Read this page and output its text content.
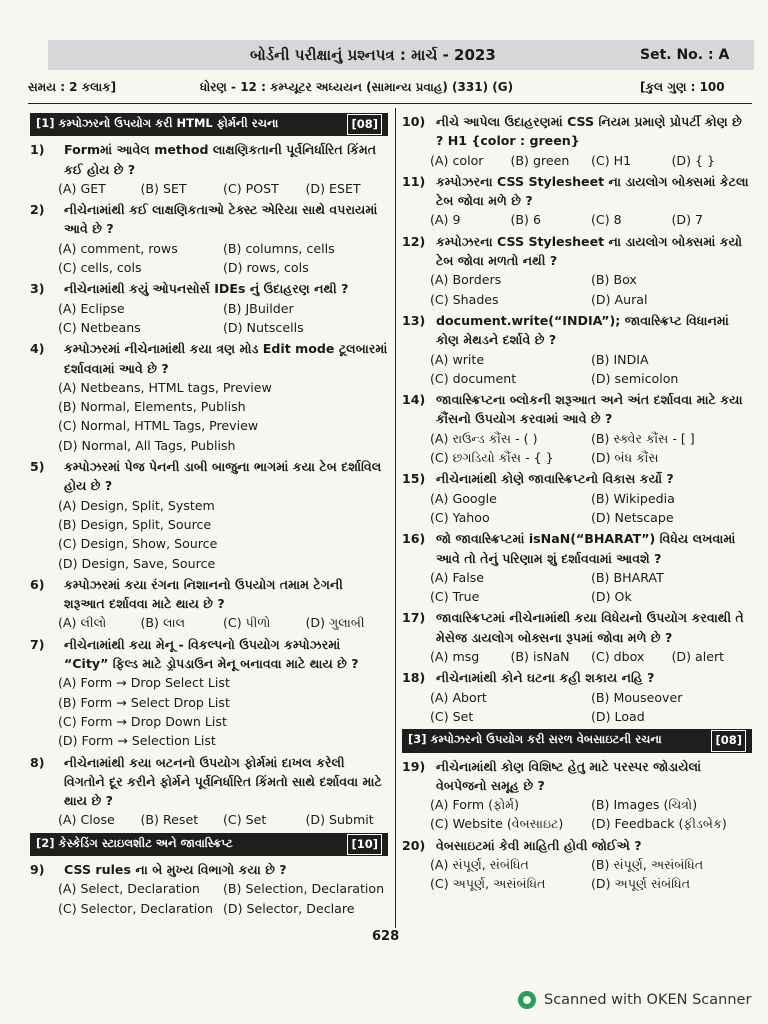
બોર્ડની પરીક્ષાનું પ્રશ્નપત્ર : માર્ચ - 2023	Set. No. : A
સમય : 2 કલાક]	ધોરણ - 12 : કમ્પ્યૂટર અધ્યયન (સામાન્ય પ્રવાહ) (331) (G)	[કુલ ગુણ : 100
[1] કમ્પોઝરનો ઉપયોગ કરી HTML ફોર્મની રચના	[08]
1) Formમાં આવેલ method લાક્ષણિકતાની પૂર્વનિર્ધારિત કિંમત કઈ હોય છે ?
(A) GET	(B) SET	(C) POST	(D) ESET
2) નીચેનામાંથી કઈ લાક્ષણિકતાઓ ટેક્સ્ટ એરિયા સાથે વપરાયમાં આવે છે ?
(A) comment, rows	(B) columns, cells
(C) cells, cols	(D) rows, cols
3) નીચેનામાંથી કયું ઓપનસોર્સ IDEs નું ઉદાહરણ નથી ?
(A) Eclipse	(B) JBuilder
(C) Netbeans	(D) Nutscells
4) કમ્પોઝરમાં નીચેનામાંથી કયા ત્રણ મોડ Edit mode ટૂલબારમાં દર્શાવવામાં આવે છે ?
(A) Netbeans, HTML tags, Preview
(B) Normal, Elements, Publish
(C) Normal, HTML Tags, Preview
(D) Normal, All Tags, Publish
5) કમ્પોઝરમાં પેજ પેનની ડાબી બાજુના ભાગમાં કયા ટેબ દર્શાવિલ હોય છે ?
(A) Design, Split, System
(B) Design, Split, Source
(C) Design, Show, Source
(D) Design, Save, Source
6) કમ્પોઝરમાં કયા રંગના નિશાનનો ઉપયોગ તમામ ટેગની શરૂઆત દર્શાવવા માટે થાય છે ?
(A) લીલો	(B) લાલ	(C) પીળો	(D) ગુલાબી
7) નીચેનામાંથી કયા મેનૂ - વિકલ્પનો ઉપયોગ કમ્પોઝરમાં “City” ફિલ્ડ માટે ડ્રોપડાઉન મેનૂ બનાવવા માટે થાય છે ?
(A) Form → Drop Select List
(B) Form → Select Drop List
(C) Form → Drop Down List
(D) Form → Selection List
8) નીચેનામાંથી કયા બટનનો ઉપયોગ ફોર્મમાં દાખલ કરેલી વિગતોને દૂર કરીને ફોર્મને પૂર્વનિર્ધારિત કિંમતો સાથે દર્શાવવા માટે થાય છે ?
(A) Close	(B) Reset	(C) Set	(D) Submit
[2] કેસ્કેડિંગ સ્ટાઇલશીટ અને જાવાસ્ક્રિપ્ટ	[10]
9) CSS rules ના બે મુખ્ય વિભાગો કયા છે ?
(A) Select, Declaration	(B) Selection, Declaration
(C) Selector, Declaration (D) Selector, Declare
10) નીચે આપેલા ઉદાહરણમાં CSS નિયમ પ્રમાણે પ્રોપર્ટી કોણ છે ? H1 {color : green}
(A) color	(B) green	(C) H1	(D) { }
11) કમ્પોઝરના CSS Stylesheet ના ડાયલોગ બોક્સમાં કેટલા ટેબ જોવા મળે છે ?
(A) 9	(B) 6	(C) 8	(D) 7
12) કમ્પોઝરના CSS Stylesheet ના ડાયલોગ બોક્સમાં કયો ટેબ જોવા મળતો નથી ?
(A) Borders	(B) Box
(C) Shades	(D) Aural
13) document.write(“INDIA”); જાવાસ્ક્રિપ્ટ વિધાનમાં કોણ મેથડને દર્શાવે છે ?
(A) write	(B) INDIA
(C) document	(D) semicolon
14) જાવાસ્ક્રિપ્ટના બ્લોકની શરૂઆત અને અંત દર્શાવવા માટે કયા કૌંસનો ઉપયોગ કરવામાં આવે છે ?
(A) રાઉન્ડ કૌંસ - ( )	(B) સ્ક્વેર કૌંસ - [ ]
(C) છગડિયો કૌંસ - { }	(D) બંધ કૌંસ
15) નીચેનામાંથી કોણે જાવાસ્ક્રિપ્ટનો વિકાસ કર્યો ?
(A) Google	(B) Wikipedia
(C) Yahoo	(D) Netscape
16) જો જાવાસ્ક્રિપ્ટમાં isNaN(“BHARAT”) વિધેય લખવામાં આવે તો તેનું પરિણામ શું દર્શાવવામાં આવશે ?
(A) False	(B) BHARAT
(C) True	(D) Ok
17) જાવાસ્ક્રિપ્ટમાં નીચેનામાંથી કયા વિધેયનો ઉપયોગ કરવાથી તે મેસેજ ડાયલોગ બોક્સના રૂપમાં જોવા મળે છે ?
(A) msg	(B) isNaN	(C) dbox	(D) alert
18) નીચેનામાંથી કોને ઘટના કહી શકાય નહિ ?
(A) Abort	(B) Mouseover
(C) Set	(D) Load
[3] કમ્પોઝરનો ઉપયોગ કરી સરળ વેબસાઇટની રચના	[08]
19) નીચેનામાંથી કોણ વિશિષ્ટ હેતુ માટે પરસ્પર જોડાયેલાં વેબપેજનો સમૂહ છે ?
(A) Form (ફોર્મ)	(B) Images (ચિત્રો)
(C) Website (વેબસાઇટ)	(D) Feedback (ફીડબેક)
20) વેબસાઇટમાં કેવી માહિતી હોવી જોઈએ ?
(A) સંપૂર્ણ, સંબંધિત	(B) સંપૂર્ણ, અસંબંધિત
(C) અપૂર્ણ, અસંબંધિત	(D) અપૂર્ણ સંબંધિત
628
Scanned with OKEN Scanner
